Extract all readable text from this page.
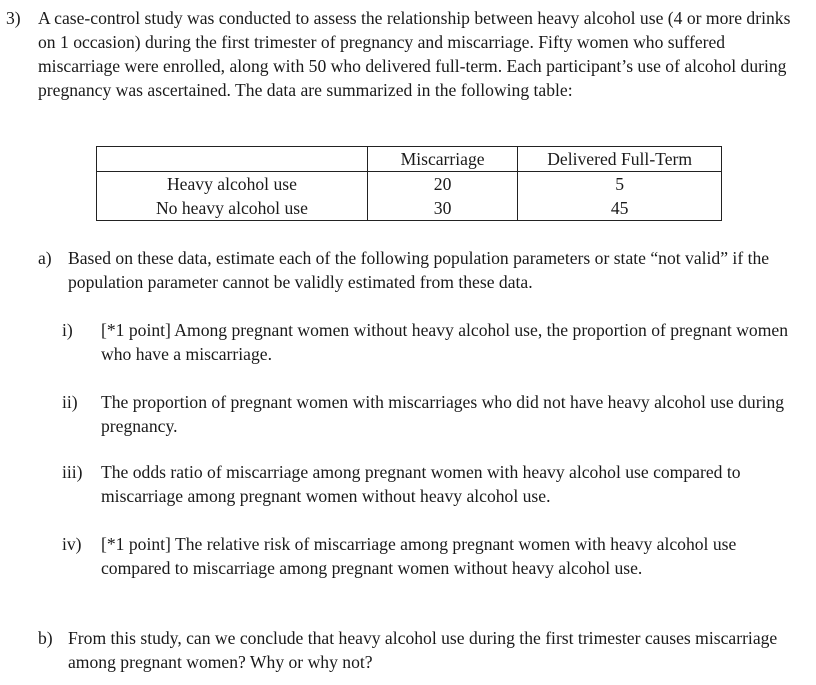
3) A case-control study was conducted to assess the relationship between heavy alcohol use (4 or more drinks on 1 occasion) during the first trimester of pregnancy and miscarriage. Fifty women who suffered miscarriage were enrolled, along with 50 who delivered full-term. Each participant’s use of alcohol during pregnancy was ascertained. The data are summarized in the following table:
	Miscarriage	Delivered Full-Term
Heavy alcohol use	20	5
No heavy alcohol use	30	45
a) Based on these data, estimate each of the following population parameters or state “not valid” if the population parameter cannot be validly estimated from these data.
i) [*1 point] Among pregnant women without heavy alcohol use, the proportion of pregnant women who have a miscarriage.
ii) The proportion of pregnant women with miscarriages who did not have heavy alcohol use during pregnancy.
iii) The odds ratio of miscarriage among pregnant women with heavy alcohol use compared to miscarriage among pregnant women without heavy alcohol use.
iv) [*1 point] The relative risk of miscarriage among pregnant women with heavy alcohol use compared to miscarriage among pregnant women without heavy alcohol use.
b) From this study, can we conclude that heavy alcohol use during the first trimester causes miscarriage among pregnant women? Why or why not?
